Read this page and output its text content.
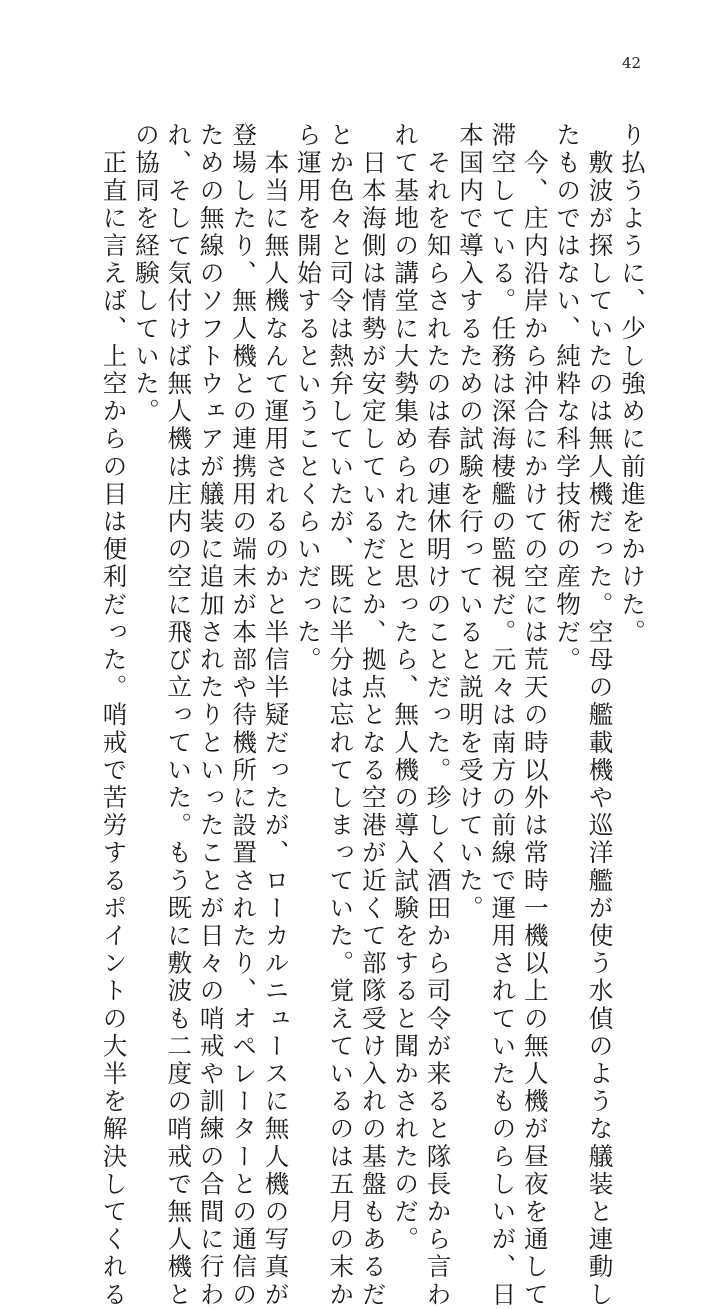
42
り払うように、少し強めに前進をかけた。
　敷波が探していたのは無人機だった。空母の艦載機や巡洋艦が使う水偵のような艤装と連動し
たものではない、純粋な科学技術の産物だ。
　今、庄内沿岸から沖合にかけての空には荒天の時以外は常時一機以上の無人機が昼夜を通して
滞空している。任務は深海棲艦の監視だ。元々は南方の前線で運用されていたものらしいが、日
本国内で導入するための試験を行っていると説明を受けていた。
　それを知らされたのは春の連休明けのことだった。珍しく酒田から司令が来ると隊長から言わ
れて基地の講堂に大勢集められたと思ったら、無人機の導入試験をすると聞かされたのだ。
　日本海側は情勢が安定しているだとか、拠点となる空港が近くて部隊受け入れの基盤もあるだ
とか色々と司令は熱弁していたが、既に半分は忘れてしまっていた。覚えているのは五月の末か
ら運用を開始するということくらいだった。
　本当に無人機なんて運用されるのかと半信半疑だったが、ローカルニュースに無人機の写真が
登場したり、無人機との連携用の端末が本部や待機所に設置されたり、オペレーターとの通信の
ための無線のソフトウェアが艤装に追加されたりといったことが日々の哨戒や訓練の合間に行わ
れ、そして気付けば無人機は庄内の空に飛び立っていた。もう既に敷波も二度の哨戒で無人機と
の協同を経験していた。
　正直に言えば、上空からの目は便利だった。哨戒で苦労するポイントの大半を解決してくれる
